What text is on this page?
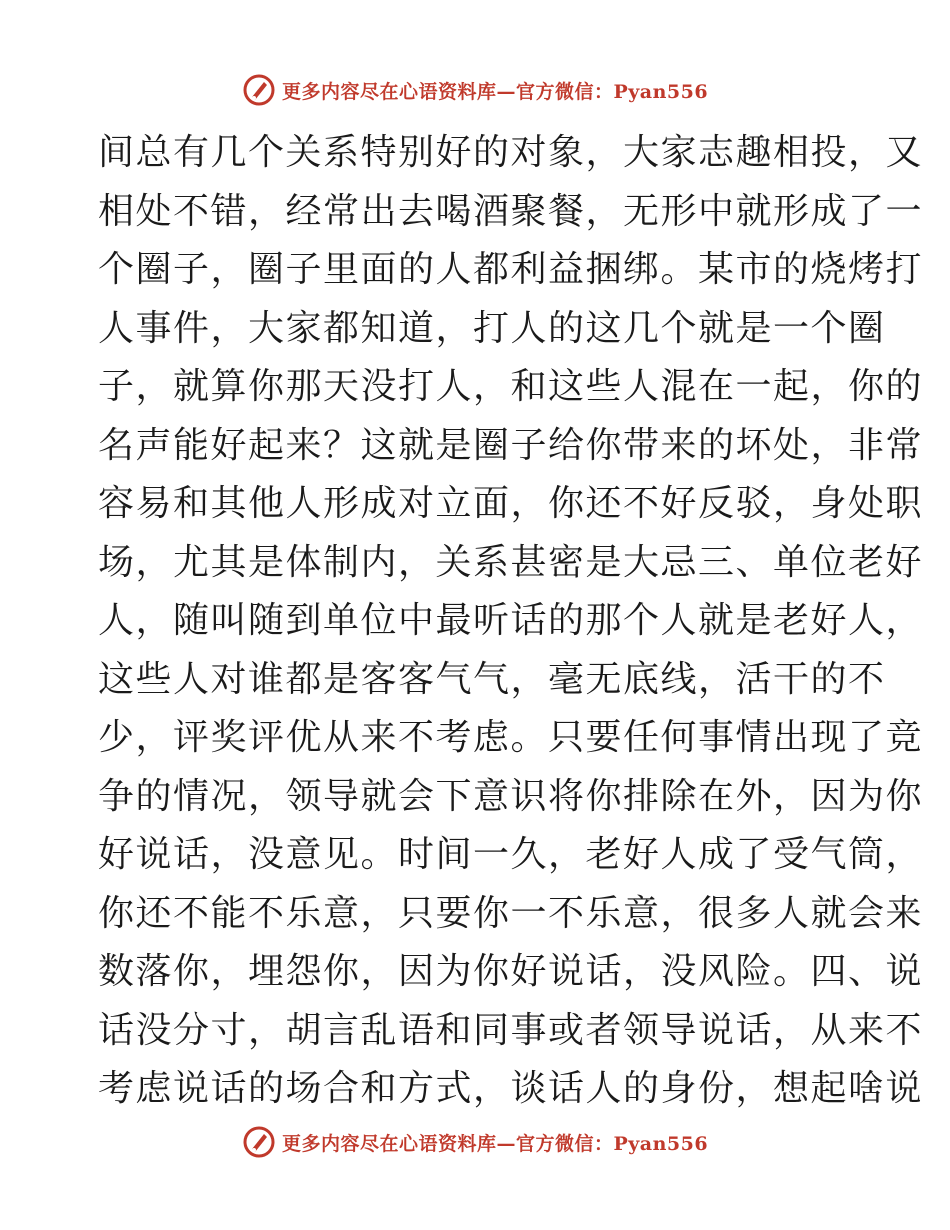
更多内容尽在心语资料库—官方微信：Pyan556
间总有几个关系特别好的对象，大家志趣相投，又
相处不错，经常出去喝酒聚餐，无形中就形成了一
个圈子，圈子里面的人都利益捆绑。某市的烧烤打
人事件，大家都知道，打人的这几个就是一个圈
子，就算你那天没打人，和这些人混在一起，你的
名声能好起来？这就是圈子给你带来的坏处，非常
容易和其他人形成对立面，你还不好反驳，身处职
场，尤其是体制内，关系甚密是大忌三、单位老好
人，随叫随到单位中最听话的那个人就是老好人，
这些人对谁都是客客气气，毫无底线，活干的不
少，评奖评优从来不考虑。只要任何事情出现了竞
争的情况，领导就会下意识将你排除在外，因为你
好说话，没意见。时间一久，老好人成了受气筒，
你还不能不乐意，只要你一不乐意，很多人就会来
数落你，埋怨你，因为你好说话，没风险。四、说
话没分寸，胡言乱语和同事或者领导说话，从来不
考虑说话的场合和方式，谈话人的身份，想起啥说
更多内容尽在心语资料库—官方微信：Pyan556
